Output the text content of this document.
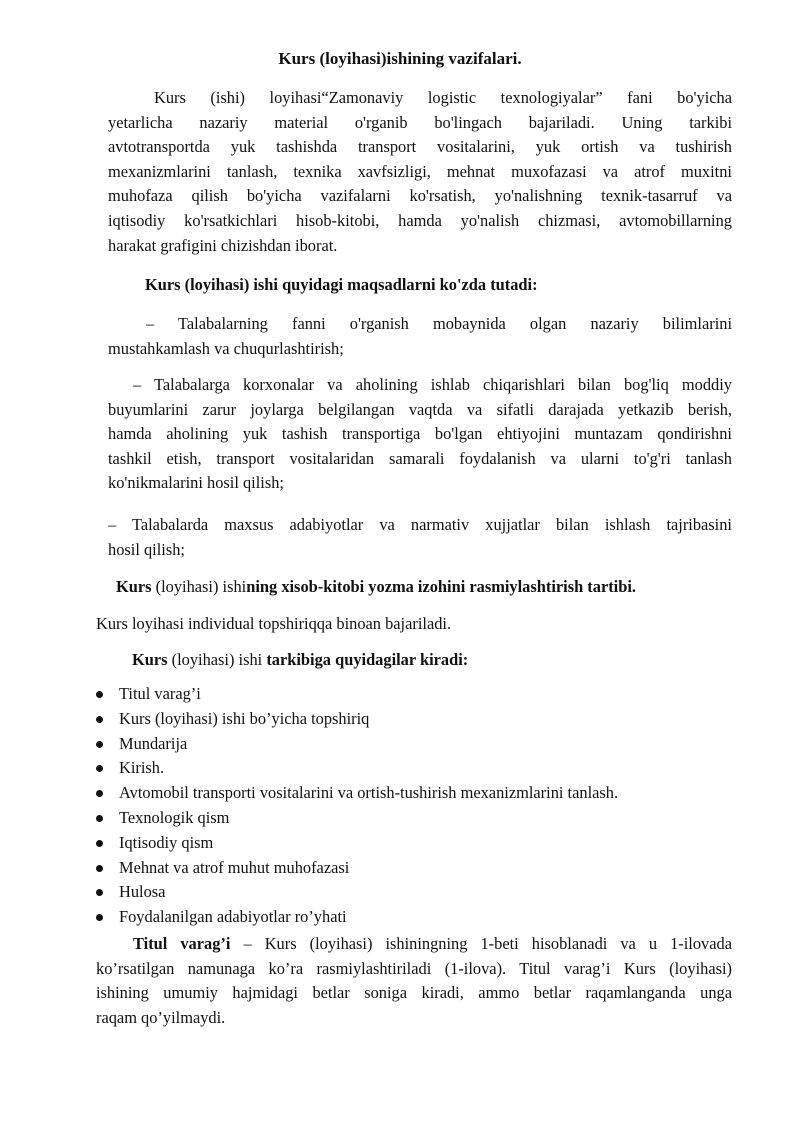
Kurs (loyihasi)ishining vazifalari.
Kurs (ishi) loyihasi“Zamonaviy logistic texnologiyalar” fani bo'yicha
yetarlicha nazariy material o'rganib bo'lingach bajariladi. Uning tarkibi
avtotransportda yuk tashishda transport vositalarini, yuk ortish va tushirish
mexanizmlarini tanlash, texnika xavfsizligi, mehnat muxofazasi va atrof muxitni
muhofaza qilish bo'yicha vazifalarni ko'rsatish, yo'nalishning texnik-tasarruf va
iqtisodiy ko'rsatkichlari hisob-kitobi, hamda yo'nalish chizmasi, avtomobillarning
harakat grafigini chizishdan iborat.
Kurs (loyihasi) ishi quyidagi maqsadlarni ko'zda tutadi:
– Talabalarning fanni o'rganish mobaynida olgan nazariy bilimlarini
mustahkamlash va chuqurlashtirish;
– Talabalarga korxonalar va aholining ishlab chiqarishlari bilan bog'liq moddiy
buyumlarini zarur joylarga belgilangan vaqtda va sifatli darajada yetkazib berish,
hamda aholining yuk tashish transportiga bo'lgan ehtiyojini muntazam qondirishni
tashkil etish, transport vositalaridan samarali foydalanish va ularni to'g'ri tanlash
ko'nikmalarini hosil qilish;
– Talabalarda maxsus adabiyotlar va narmativ xujjatlar bilan ishlash tajribasini
hosil qilish;
Kurs (loyihasi) ishining xisob-kitobi yozma izohini rasmiylashtirish tartibi.
Kurs loyihasi individual topshiriqqa binoan bajariladi.
Kurs (loyihasi) ishi tarkibiga quyidagilar kiradi:
Titul varag’i
Kurs (loyihasi) ishi bo’yicha topshiriq
Mundarija
Kirish.
Avtomobil transporti vositalarini va ortish-tushirish mexanizmlarini tanlash.
Texnologik qism
Iqtisodiy qism
Mehnat va atrof muhut muhofazasi
Hulosa
Foydalanilgan adabiyotlar ro’yhati
Titul varag’i – Kurs (loyihasi) ishiningning 1-beti hisoblanadi va u 1-ilovada
ko’rsatilgan namunaga ko’ra rasmiylashtiriladi (1-ilova). Titul varag’i Kurs (loyihasi)
ishining umumiy hajmidagi betlar soniga kiradi, ammo betlar raqamlanganda unga
raqam qo’yilmaydi.
